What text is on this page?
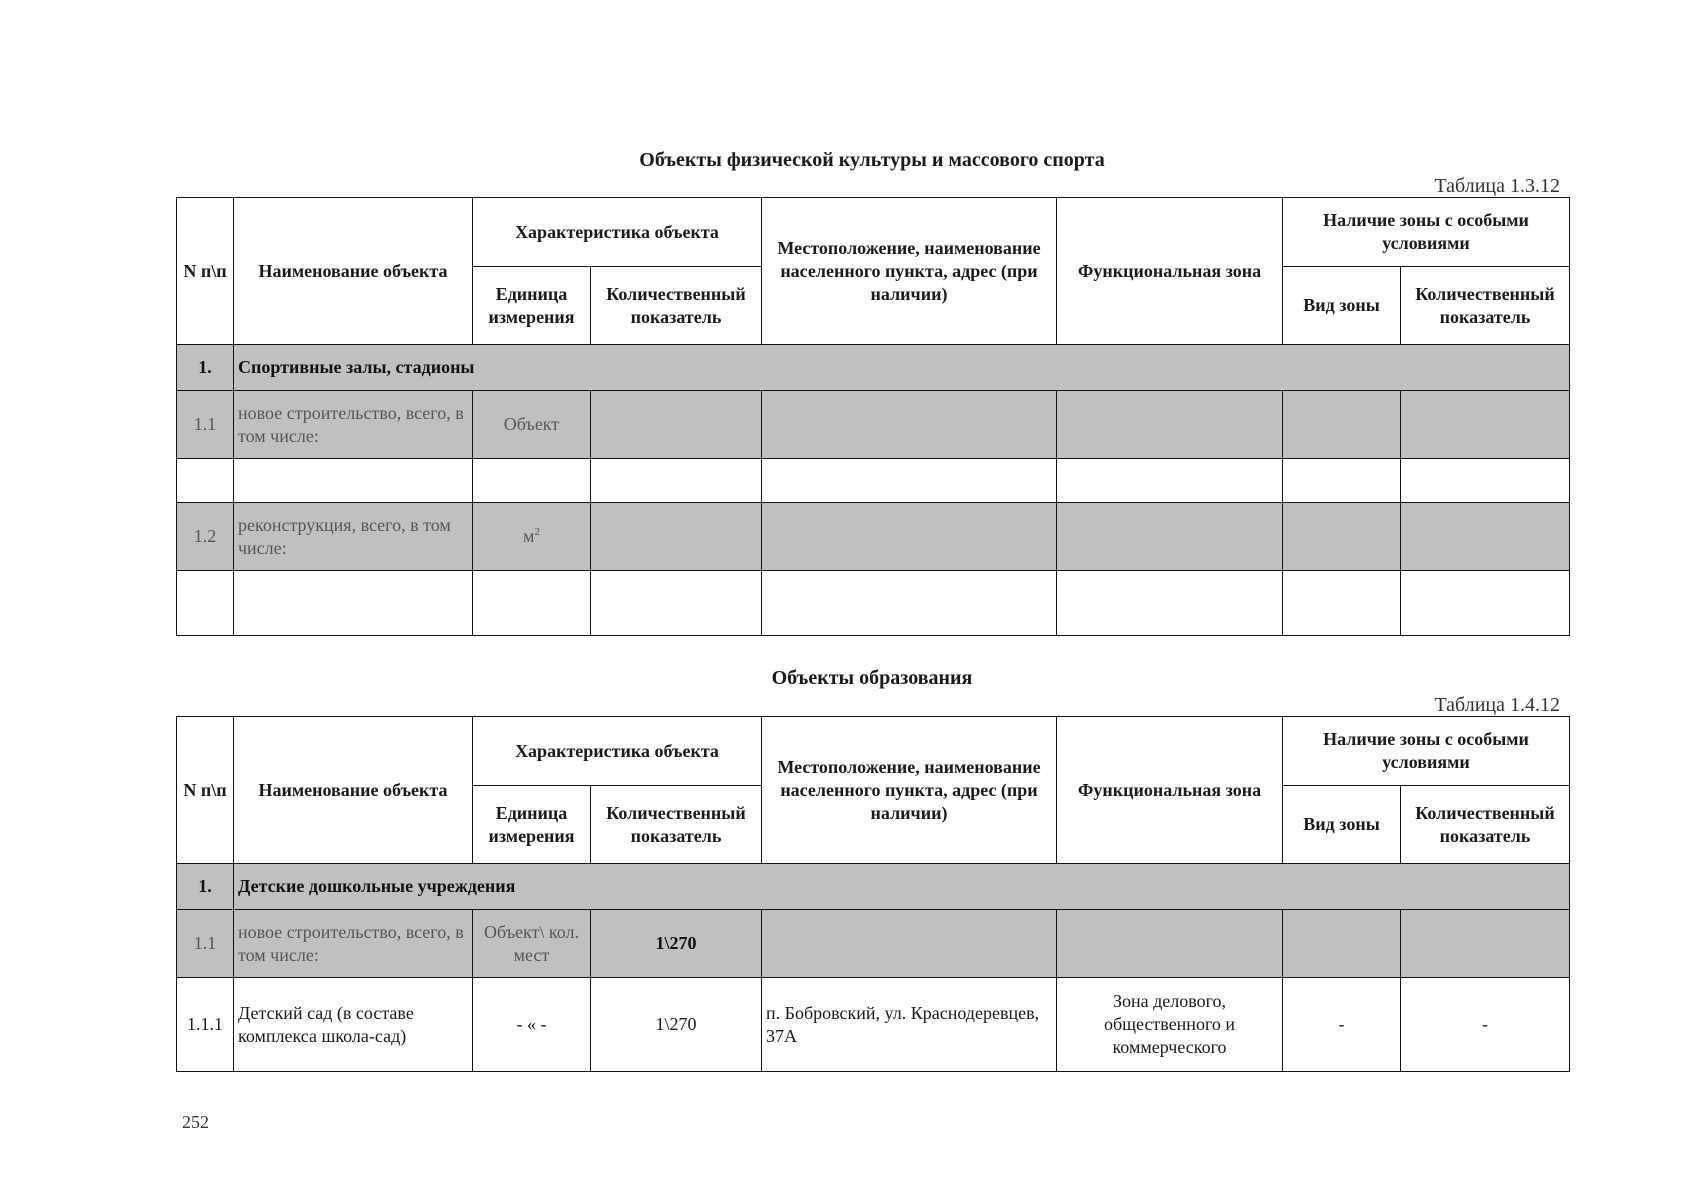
Объекты физической культуры и массового спорта
Таблица 1.3.12
N п\п	Наименование объекта	Характеристика объекта		Местоположение, наименование населенного пункта, адрес (при наличии)	Функциональная зона	Наличие зоны с особыми условиями	
		Единица измерения	Количественный показатель			Вид зоны	Количественный показатель
1.	Спортивные залы, стадионы						
1.1	новое строительство, всего, в том числе:	Объект					

1.2	реконструкция, всего, в том числе:	$м^2$					

Объекты образования
Таблица 1.4.12
N п\п	Наименование объекта	Характеристика объекта		Местоположение, наименование населенного пункта, адрес (при наличии)	Функциональная зона	Наличие зоны с особыми условиями	
		Единица измерения	Количественный показатель			Вид зоны	Количественный показатель
1.	Детские дошкольные учреждения						
1.1	новое строительство, всего, в том числе:	Объект\ кол. мест	1\270				
1.1.1	Детский сад (в составе комплекса школа-сад)	- « -	1\270	п. Бобровский, ул. Краснодеревцев, 37А	Зона делового, общественного и коммерческого	-	-
252
